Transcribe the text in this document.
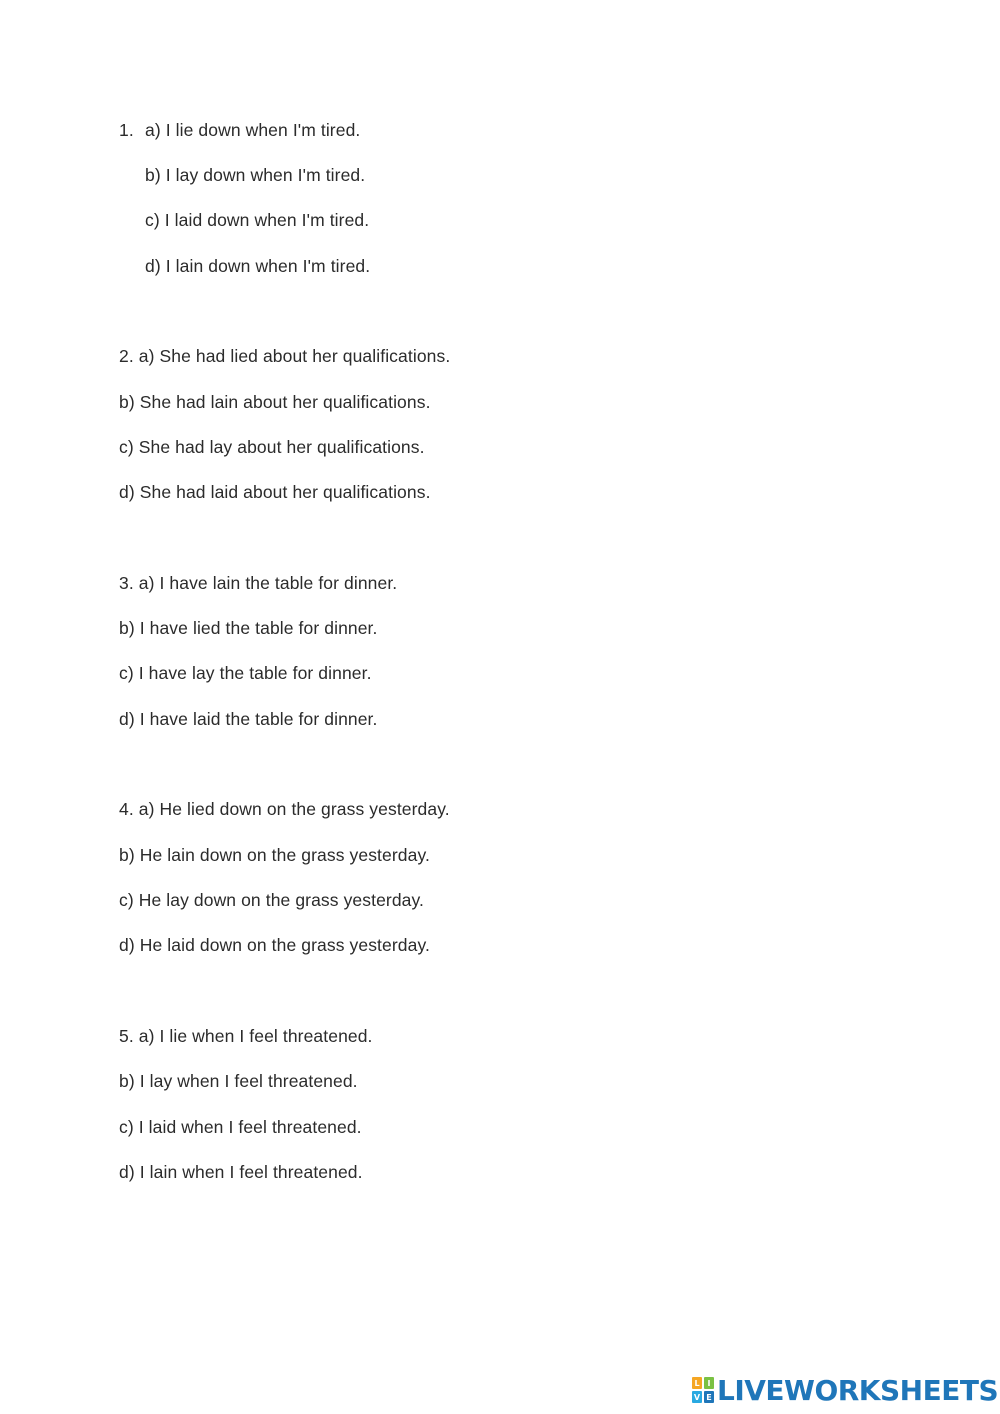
1. a) I lie down when I'm tired.
b) I lay down when I'm tired.
c) I laid down when I'm tired.
d) I lain down when I'm tired.
2. a) She had lied about her qualifications.
b) She had lain about her qualifications.
c) She had lay about her qualifications.
d) She had laid about her qualifications.
3. a) I have lain the table for dinner.
b) I have lied the table for dinner.
c) I have lay the table for dinner.
d) I have laid the table for dinner.
4. a) He lied down on the grass yesterday.
b) He lain down on the grass yesterday.
c) He lay down on the grass yesterday.
d) He laid down on the grass yesterday.
5. a) I lie when I feel threatened.
b) I lay when I feel threatened.
c) I laid when I feel threatened.
d) I lain when I feel threatened.
L I
V E LIVEWORKSHEETS
